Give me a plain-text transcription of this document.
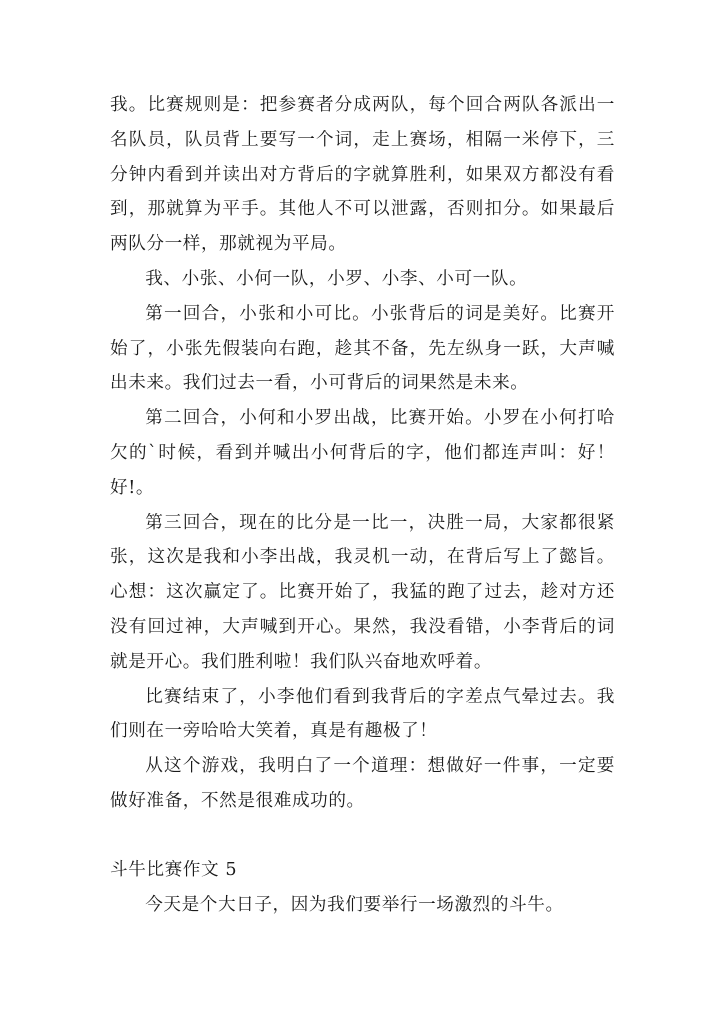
我。比赛规则是：把参赛者分成两队，每个回合两队各派出一名队员，队员背上要写一个词，走上赛场，相隔一米停下，三分钟内看到并读出对方背后的字就算胜利，如果双方都没有看到，那就算为平手。其他人不可以泄露，否则扣分。如果最后两队分一样，那就视为平局。

我、小张、小何一队，小罗、小李、小可一队。

第一回合，小张和小可比。小张背后的词是美好。比赛开始了，小张先假装向右跑，趁其不备，先左纵身一跃，大声喊出未来。我们过去一看，小可背后的词果然是未来。

第二回合，小何和小罗出战，比赛开始。小罗在小何打哈欠的`时候，看到并喊出小何背后的字，他们都连声叫：好！好!。

第三回合，现在的比分是一比一，决胜一局，大家都很紧张，这次是我和小李出战，我灵机一动，在背后写上了懿旨。心想：这次赢定了。比赛开始了，我猛的跑了过去，趁对方还没有回过神，大声喊到开心。果然，我没看错，小李背后的词就是开心。我们胜利啦！我们队兴奋地欢呼着。

比赛结束了，小李他们看到我背后的字差点气晕过去。我们则在一旁哈哈大笑着，真是有趣极了！

从这个游戏，我明白了一个道理：想做好一件事，一定要做好准备，不然是很难成功的。

斗牛比赛作文 5

今天是个大日子，因为我们要举行一场激烈的斗牛。
